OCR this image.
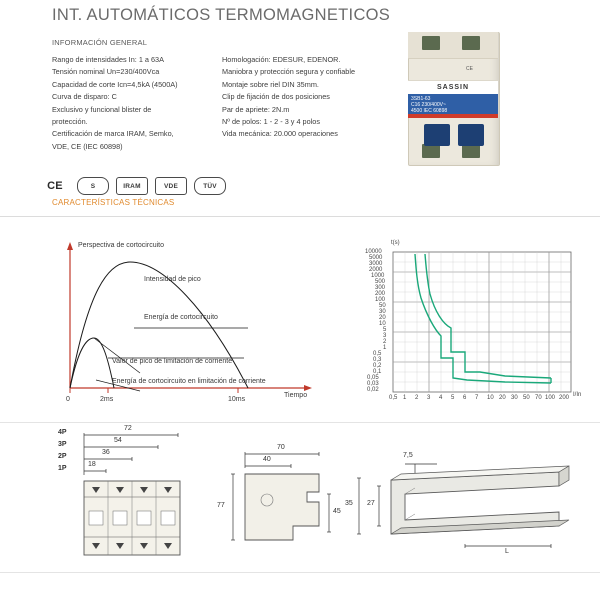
INT. AUTOMÁTICOS TERMOMAGNETICOS
INFORMACIÓN GENERAL

Rango de intensidades In: 1 a 63A

Tensión nominal Un=230/400Vca

Capacidad de corte Icn=4,5kA (4500A)

Curva de disparo: C

Exclusivo y funcional blister de

protección.

Certificación de marca IRAM, Semko,

VDE, CE (IEC 60898)

Homologación: EDESUR, EDENOR.

Maniobra y protección segura y confiable

Montaje sobre riel DIN 35mm.

Clip de fijación de dos posiciones

Par de apriete: 2N.m

Nº de polos: 1 - 2 - 3 y 4 polos

Vida mecánica: 20.000 operaciones

CE
SASSIN
3SB1-63
C16 230/400V~
4500 IEC 60898
CE	S	IRAM	VDE	TÜV
CARACTERÍSTICAS TÉCNICAS
Perspectiva de cortocircuito
Intensidad de pico
Energía de cortocircuito
Valor de pico de limitación de corriente
Energía de cortocircuito en limitación de corriente
0	2ms	10ms
Tiempo
t(s)
I/In
10000
5000
3000
2000
1000
500
300
200
100
50
30
20
10
5
3
2
1
0,5
0,3
0,2
0,1
0,05
0,03
0,02
0,5 1 2 3 4 5 6 7 10 20 30 50 70 100 200
4P
3P
2P
1P
72
54
36
18
70
40
77
45
35 27
7,5
L
